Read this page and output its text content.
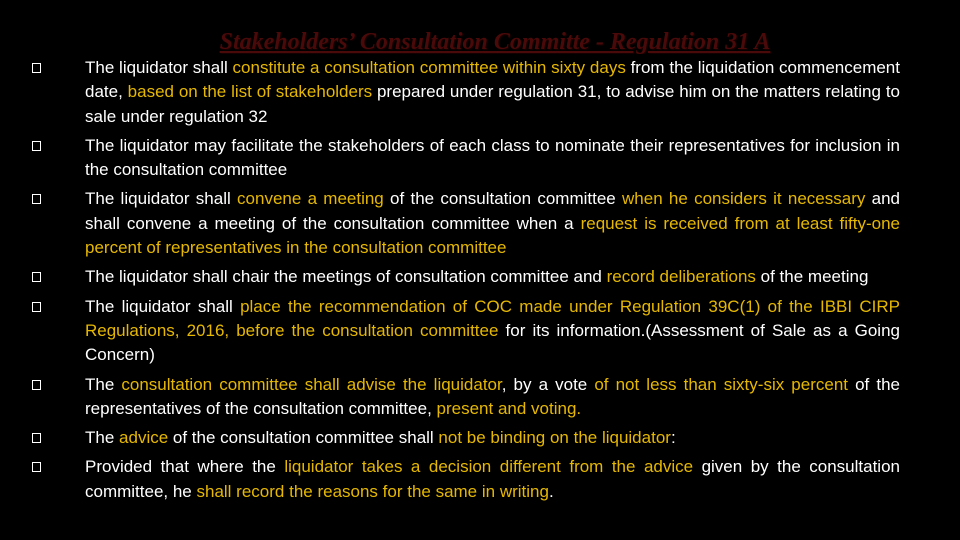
Stakeholders’ Consultation Committe - Regulation 31 A
The liquidator shall constitute a consultation committee within sixty days from the liquidation commencement date, based on the list of stakeholders prepared under regulation 31, to advise him on the matters relating to sale under regulation 32
The liquidator may facilitate the stakeholders of each class to nominate their representatives for inclusion in the consultation committee
The liquidator shall convene a meeting of the consultation committee when he considers it necessary and shall convene a meeting of the consultation committee when a request is received from at least fifty-one percent of representatives in the consultation committee
The liquidator shall chair the meetings of consultation committee and record deliberations of the meeting
The liquidator shall place the recommendation of COC made under Regulation 39C(1) of the IBBI CIRP Regulations, 2016, before the consultation committee for its information.(Assessment of Sale as a Going Concern)
The consultation committee shall advise the liquidator, by a vote of not less than sixty-six percent of the representatives of the consultation committee, present and voting.
The advice of the consultation committee shall not be binding on the liquidator:
Provided that where the liquidator takes a decision different from the advice given by the consultation committee, he shall record the reasons for the same in writing.
